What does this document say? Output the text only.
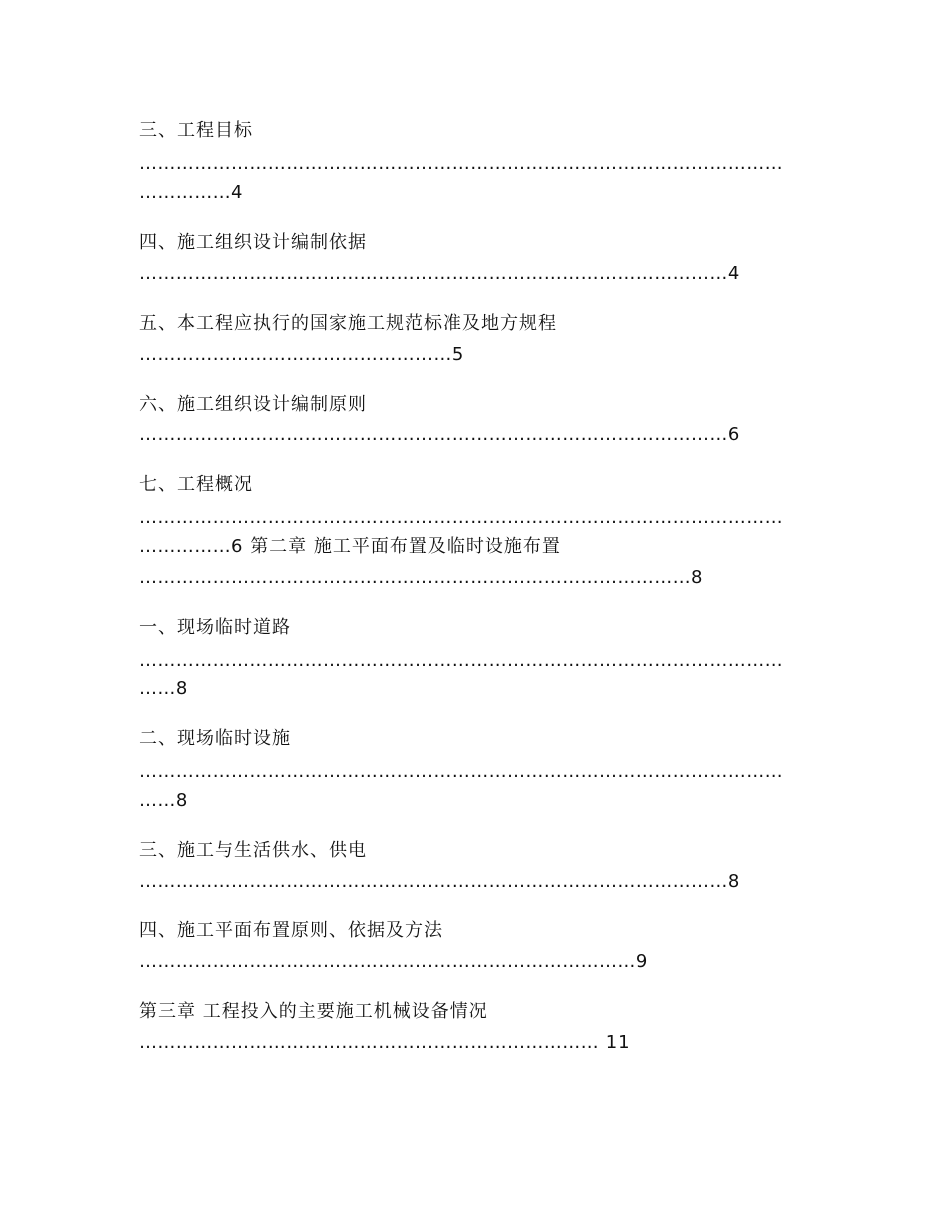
三、工程目标
……………………………………………………………………………………………
……………4
四、施工组织设计编制依据
……………………………………………………………………………………4
五、本工程应执行的国家施工规范标准及地方规程
……………………………………………5
六、施工组织设计编制原则
……………………………………………………………………………………6
七、工程概况
……………………………………………………………………………………………
……………6 第二章 施工平面布置及临时设施布置
………………………………………………………………………………8
一、现场临时道路
……………………………………………………………………………………………
……8
二、现场临时设施
……………………………………………………………………………………………
……8
三、施工与生活供水、供电
……………………………………………………………………………………8
四、施工平面布置原则、依据及方法
………………………………………………………………………9
第三章 工程投入的主要施工机械设备情况
………………………………………………………………… 11
